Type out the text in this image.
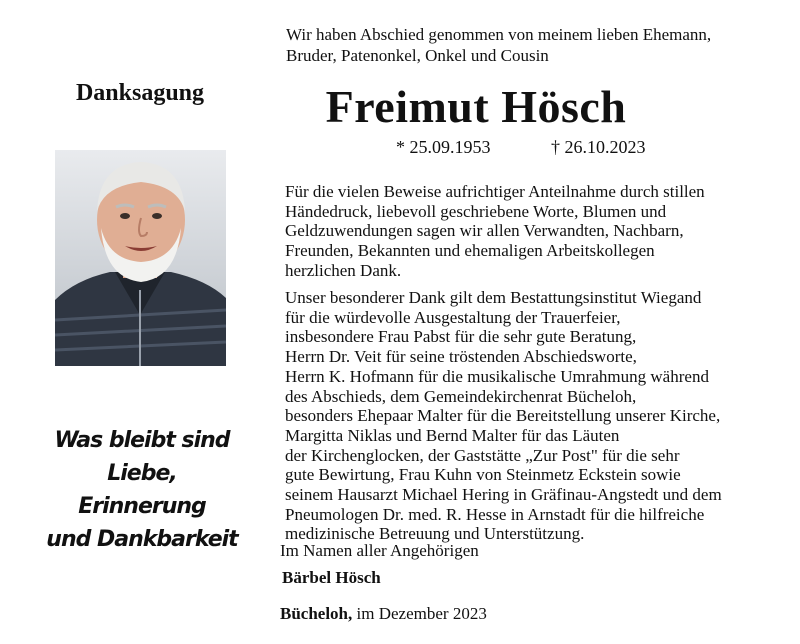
Wir haben Abschied genommen von meinem lieben Ehemann,
Bruder, Patenonkel, Onkel und Cousin
Danksagung	Freimut Hösch
* 25.09.1953	† 26.10.2023
Was bleibt sind Liebe,
Erinnerung
und Dankbarkeit
Für die vielen Beweise aufrichtiger Anteilnahme durch stillen
Händedruck, liebevoll geschriebene Worte, Blumen und
Geldzuwendungen sagen wir allen Verwandten, Nachbarn,
Freunden, Bekannten und ehemaligen Arbeitskollegen
herzlichen Dank.
Unser besonderer Dank gilt dem Bestattungsinstitut Wiegand
für die würdevolle Ausgestaltung der Trauerfeier,
insbesondere Frau Pabst für die sehr gute Beratung,
Herrn Dr. Veit für seine tröstenden Abschiedsworte,
Herrn K. Hofmann für die musikalische Umrahmung während
des Abschieds, dem Gemeindekirchenrat Bücheloh,
besonders Ehepaar Malter für die Bereitstellung unserer Kirche,
Margitta Niklas und Bernd Malter für das Läuten
der Kirchenglocken, der Gaststätte „Zur Post" für die sehr
gute Bewirtung, Frau Kuhn von Steinmetz Eckstein sowie
seinem Hausarzt Michael Hering in Gräfinau-Angstedt und dem
Pneumologen Dr. med. R. Hesse in Arnstadt für die hilfreiche
medizinische Betreuung und Unterstützung.
Im Namen aller Angehörigen
Bärbel Hösch
Bücheloh, im Dezember 2023
